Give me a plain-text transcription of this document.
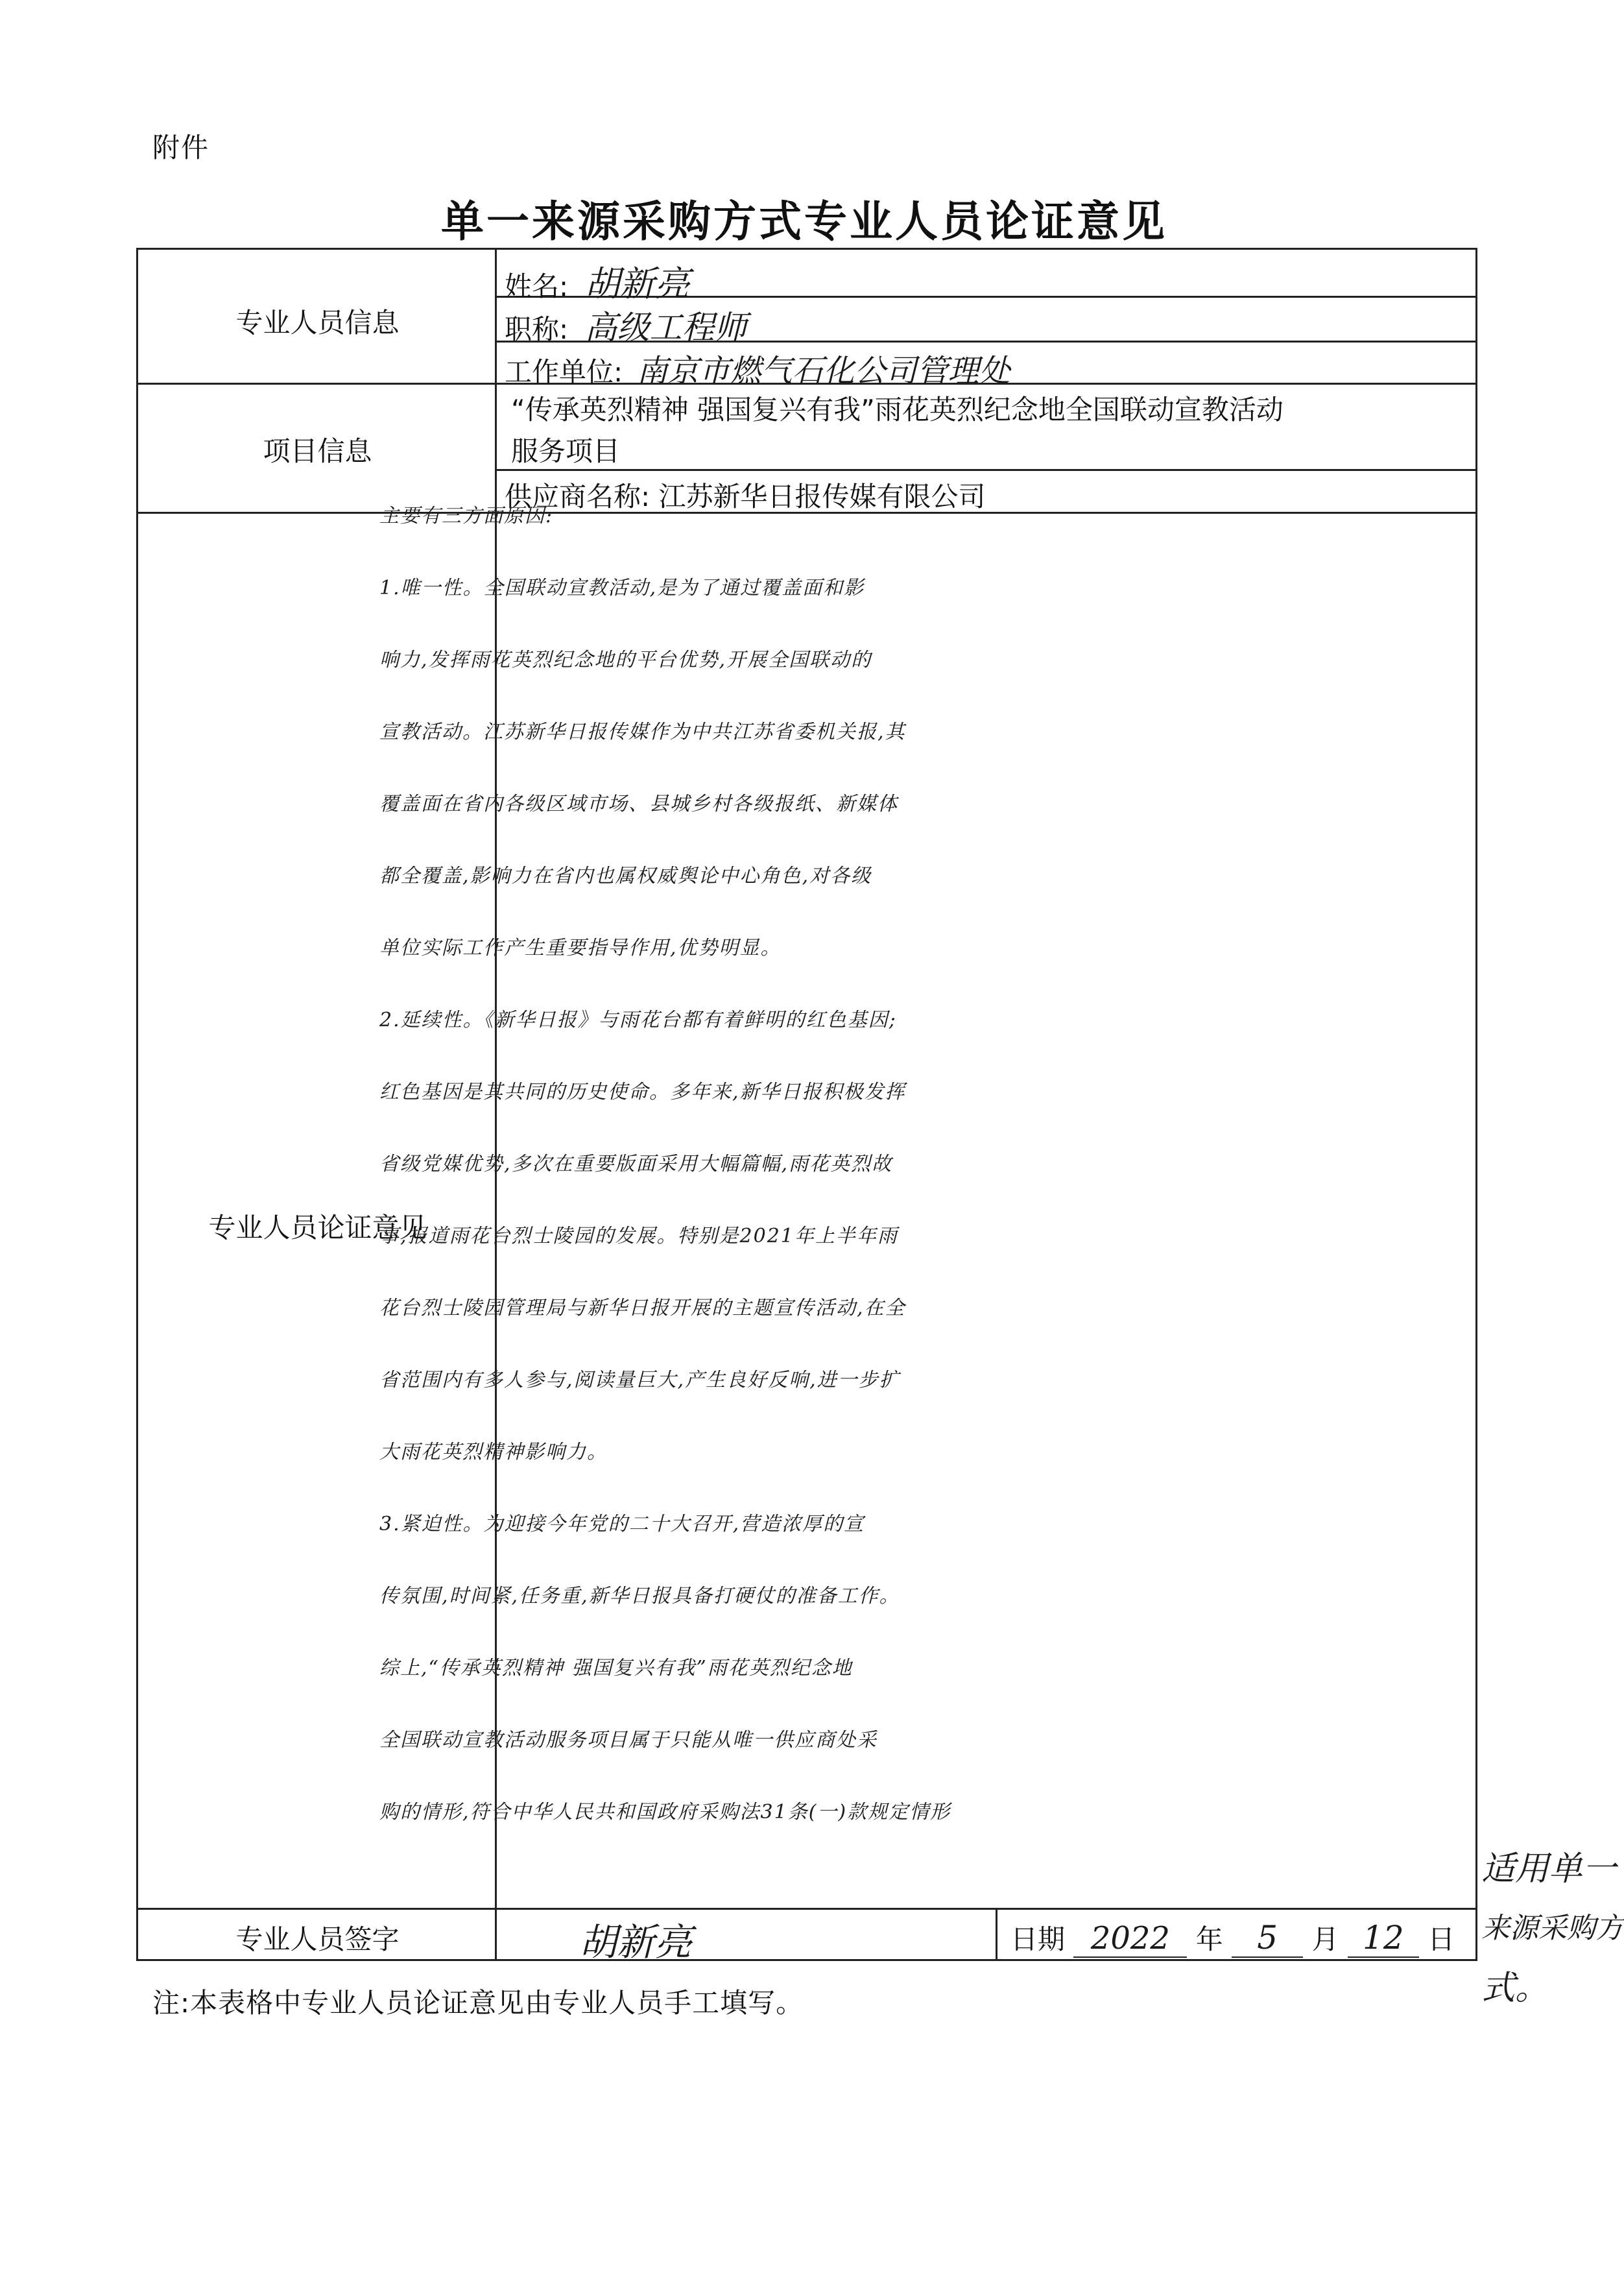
附件
单一来源采购方式专业人员论证意见
专业人员信息
姓名: 胡新亮
职称: 高级工程师
工作单位: 南京市燃气石化公司管理处
项目信息
“传承英烈精神 强国复兴有我”雨花英烈纪念地全国联动宣教活动
服务项目
供应商名称: 江苏新华日报传媒有限公司
专业人员论证意见
专业人员签字	胡新亮	日期 2022 年 5 月 12 日

主要有三方面原因:

1.唯一性。全国联动宣教活动,是为了通过覆盖面和影

响力,发挥雨花英烈纪念地的平台优势,开展全国联动的

宣教活动。江苏新华日报传媒作为中共江苏省委机关报,其

覆盖面在省内各级区域市场、县城乡村各级报纸、新媒体

都全覆盖,影响力在省内也属权威舆论中心角色,对各级

单位实际工作产生重要指导作用,优势明显。

2.延续性。《新华日报》与雨花台都有着鲜明的红色基因;

红色基因是其共同的历史使命。多年来,新华日报积极发挥

省级党媒优势,多次在重要版面采用大幅篇幅,雨花英烈故

事,报道雨花台烈士陵园的发展。特别是2021年上半年雨

花台烈士陵园管理局与新华日报开展的主题宣传活动,在全

省范围内有多人参与,阅读量巨大,产生良好反响,进一步扩

大雨花英烈精神影响力。

3.紧迫性。为迎接今年党的二十大召开,营造浓厚的宣

传氛围,时间紧,任务重,新华日报具备打硬仗的准备工作。

综上,“传承英烈精神 强国复兴有我”雨花英烈纪念地

全国联动宣教活动服务项目属于只能从唯一供应商处采

购的情形,符合中华人民共和国政府采购法31条(一)款规定情形

适用单一
来源采购方
式。
注:本表格中专业人员论证意见由专业人员手工填写。
